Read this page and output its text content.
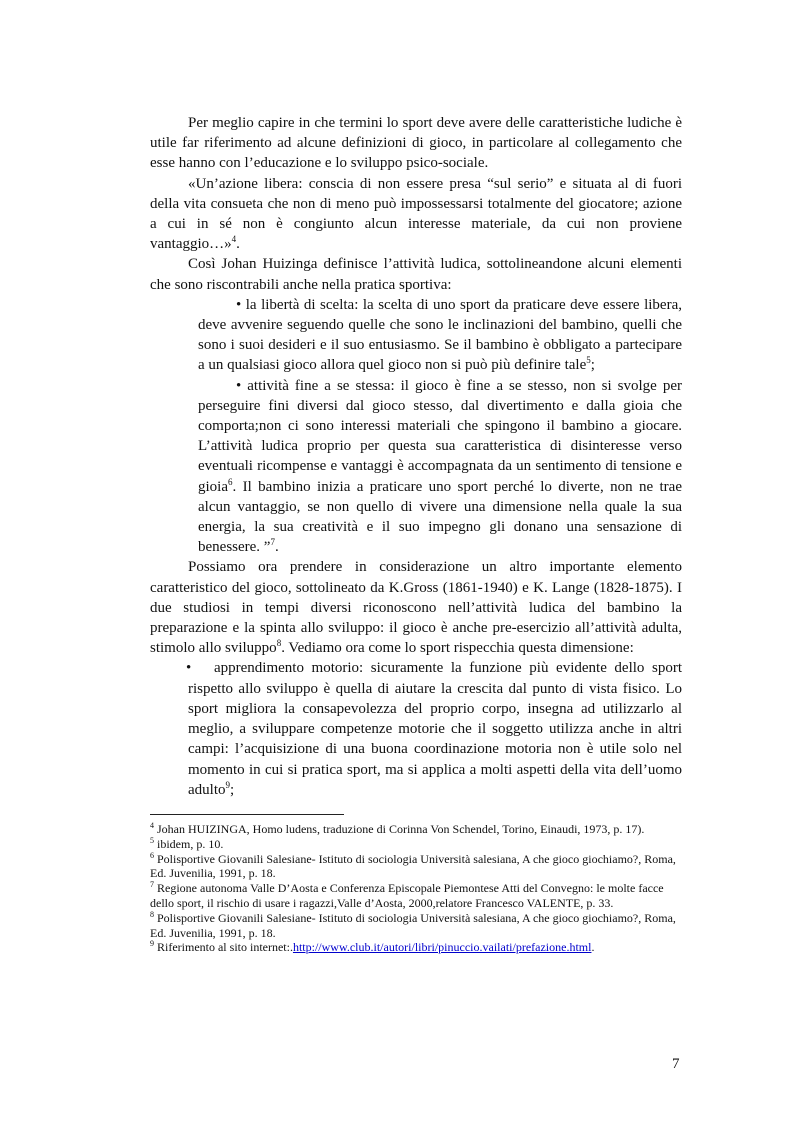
Per meglio capire in che termini lo sport deve avere delle caratteristiche ludiche è utile far riferimento ad alcune definizioni di gioco, in particolare al collegamento che esse hanno con l’educazione e lo sviluppo psico-sociale.

«Un’azione libera: conscia di non essere presa “sul serio” e situata al di fuori della vita consueta che non di meno può impossessarsi totalmente del giocatore; azione a cui in sé non è congiunto alcun interesse materiale, da cui non proviene vantaggio…»$^4$.

Così Johan Huizinga definisce l’attività ludica, sottolineandone alcuni elementi che sono riscontrabili anche nella pratica sportiva:

• la libertà di scelta: la scelta di uno sport da praticare deve essere libera, deve avvenire seguendo quelle che sono le inclinazioni del bambino, quelli che sono i suoi desideri e il suo entusiasmo. Se il bambino è obbligato a partecipare a un qualsiasi gioco allora quel gioco non si può più definire tale$^5$;

• attività fine a se stessa: il gioco è fine a se stesso, non si svolge per perseguire fini diversi dal gioco stesso, dal divertimento e dalla gioia che comporta;non ci sono interessi materiali che spingono il bambino a giocare. L’attività ludica proprio per questa sua caratteristica di disinteresse verso eventuali ricompense e vantaggi è accompagnata da un sentimento di tensione e gioia$^6$. Il bambino inizia a praticare uno sport perché lo diverte, non ne trae alcun vantaggio, se non quello di vivere una dimensione nella quale la sua energia, la sua creatività e il suo impegno gli donano una sensazione di benessere. ”$^7$.

Possiamo ora prendere in considerazione un altro importante elemento caratteristico del gioco, sottolineato da K.Gross (1861-1940) e K. Lange (1828-1875). I due studiosi in tempi diversi riconoscono nell’attività ludica del bambino la preparazione e la spinta allo sviluppo: il gioco è anche pre-esercizio all’attività adulta, stimolo allo sviluppo$^8$. Vediamo ora come lo sport rispecchia questa dimensione:

• apprendimento motorio: sicuramente la funzione più evidente dello sport rispetto allo sviluppo è quella di aiutare la crescita dal punto di vista fisico. Lo sport migliora la consapevolezza del proprio corpo, insegna ad utilizzarlo al meglio, a sviluppare competenze motorie che il soggetto utilizza anche in altri campi: l’acquisizione di una buona coordinazione motoria non è utile solo nel momento in cui si pratica sport, ma si applica a molti aspetti della vita dell’uomo adulto$^9$;

$^4$ Johan HUIZINGA, Homo ludens, traduzione di Corinna Von Schendel, Torino, Einaudi, 1973, p. 17).

$^5$ ibidem, p. 10.

$^6$ Polisportive Giovanili Salesiane- Istituto di sociologia Università salesiana, A che gioco giochiamo?, Roma, Ed. Juvenilia, 1991, p. 18.

$^7$ Regione autonoma Valle D’Aosta e Conferenza Episcopale Piemontese Atti del Convegno: le molte facce dello sport, il rischio di usare i ragazzi,Valle d’Aosta, 2000,relatore Francesco VALENTE, p. 33.

$^8$ Polisportive Giovanili Salesiane- Istituto di sociologia Università salesiana, A che gioco giochiamo?, Roma, Ed. Juvenilia, 1991, p. 18.

$^9$ Riferimento al sito internet:.http://www.club.it/autori/libri/pinuccio.vailati/prefazione.html.

7
